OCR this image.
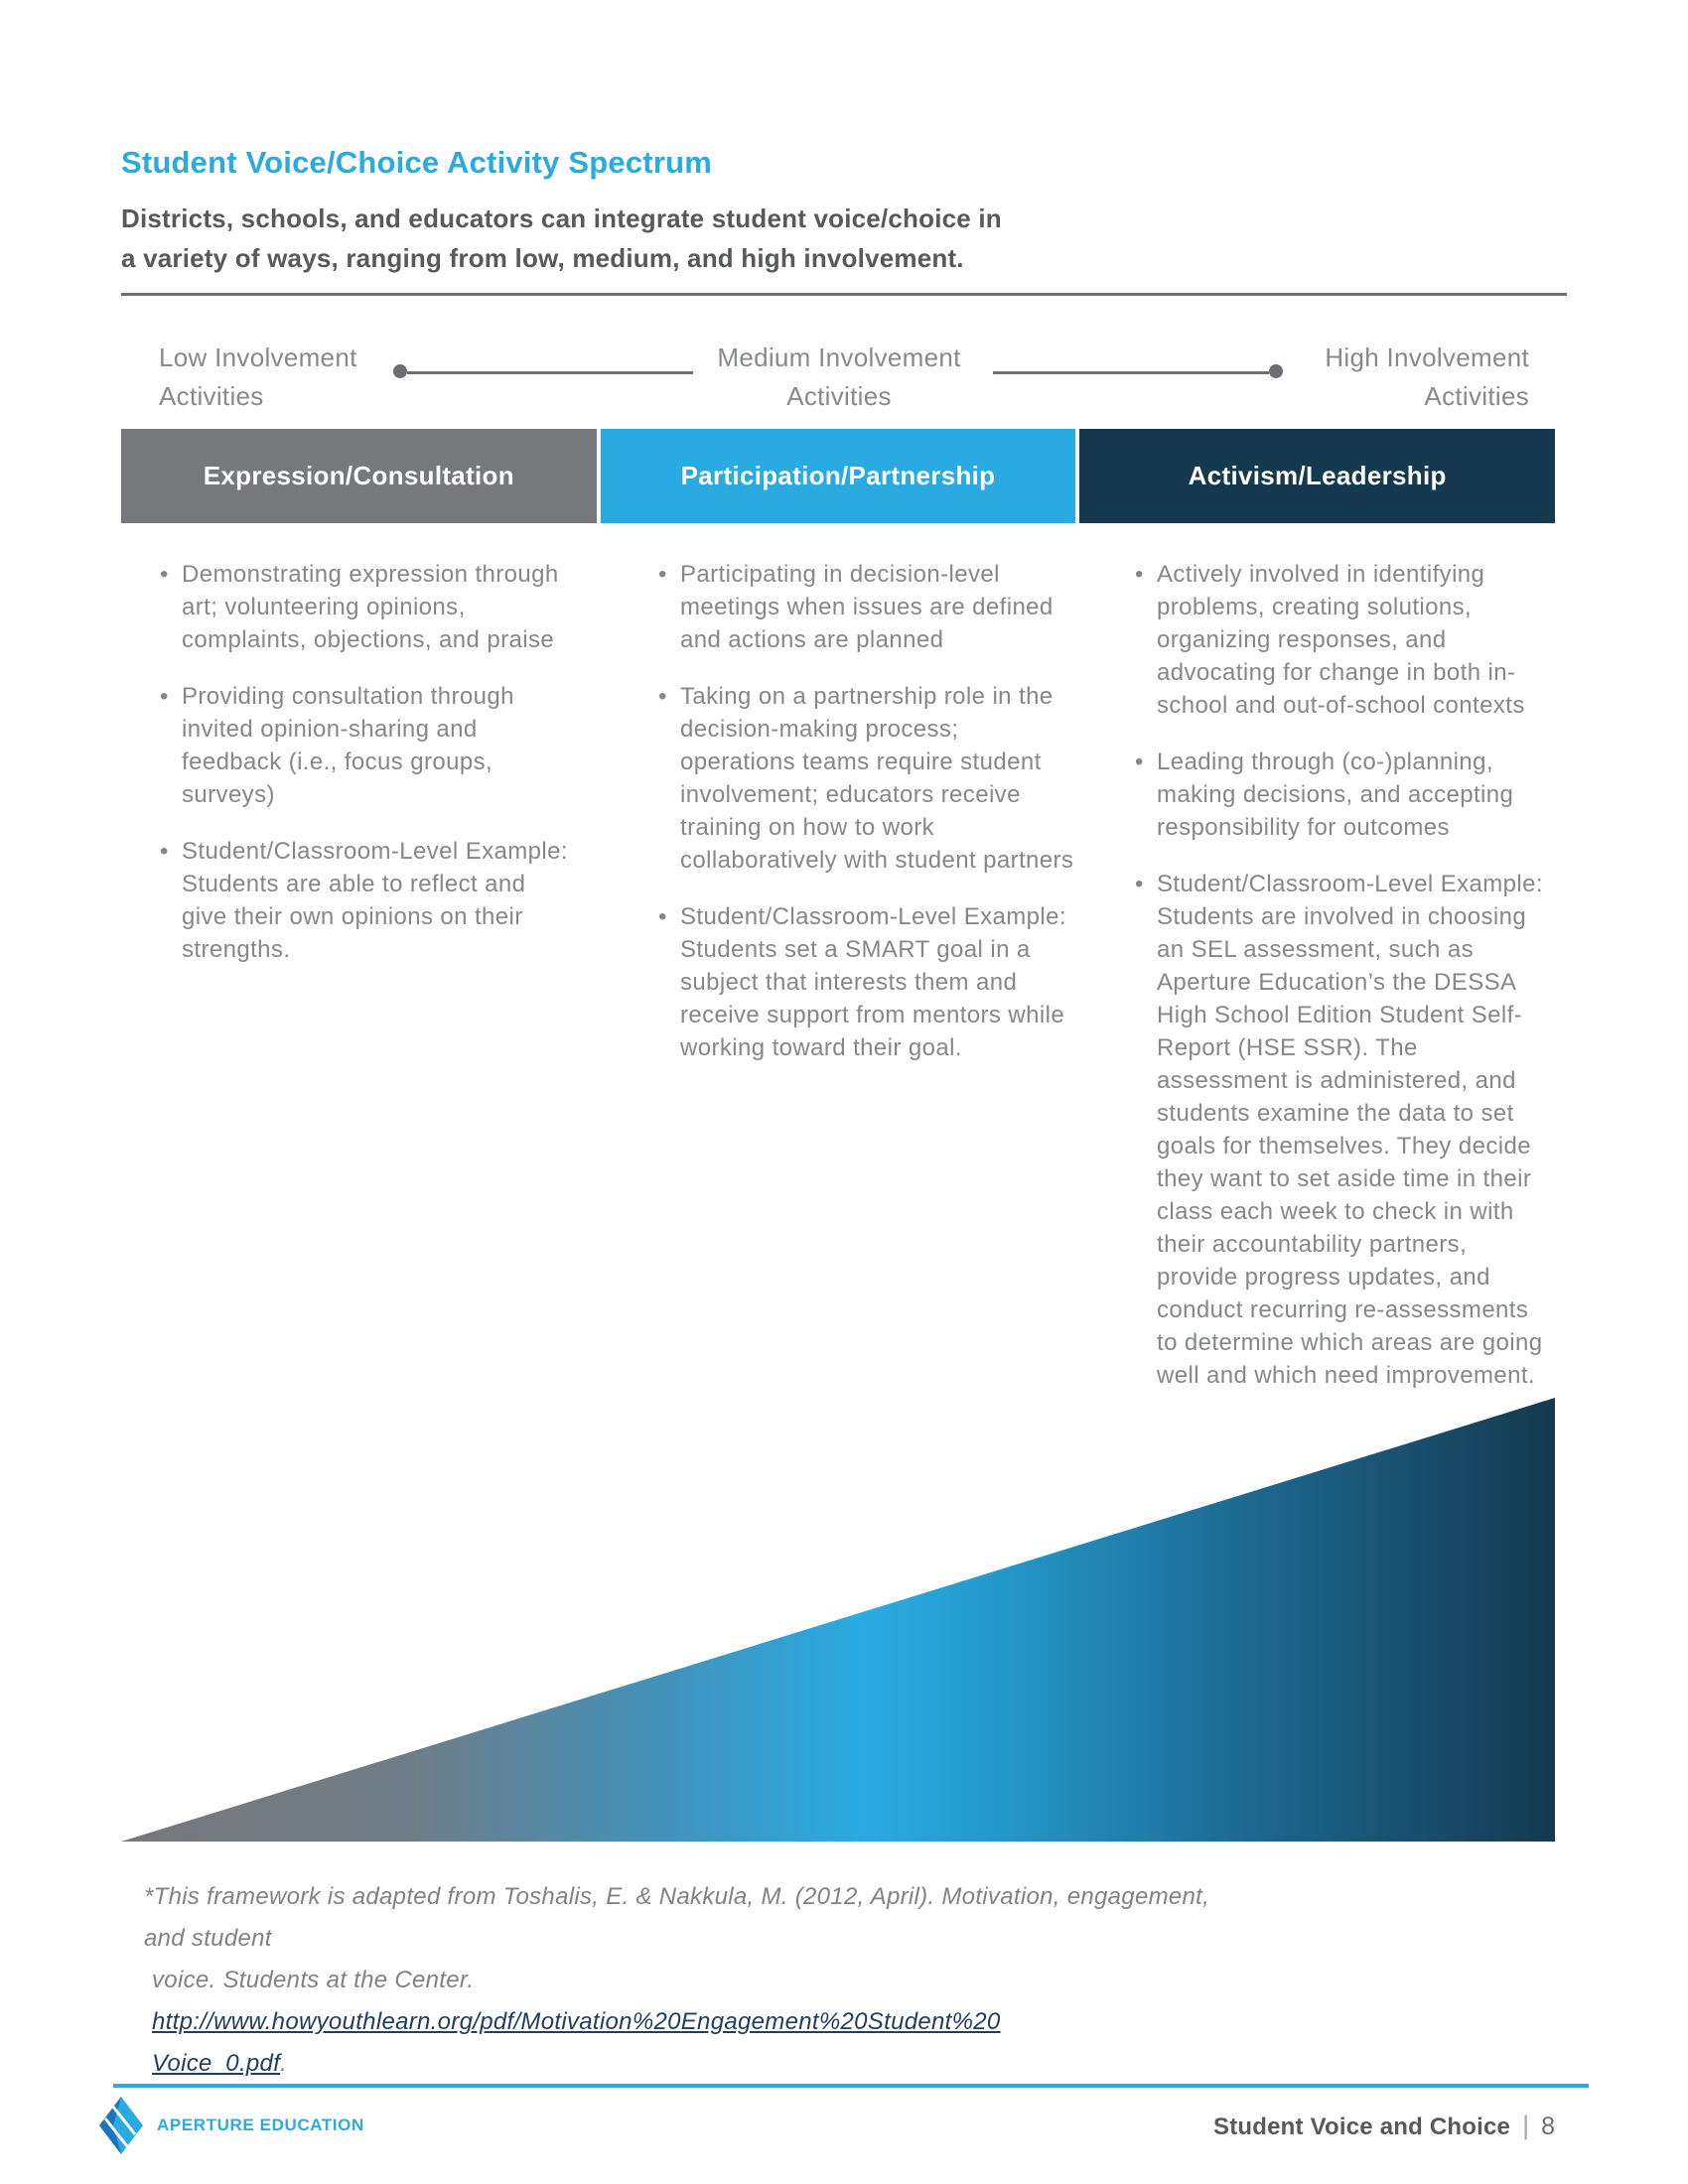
Student Voice/Choice Activity Spectrum
Districts, schools, and educators can integrate student voice/choice in
a variety of ways, ranging from low, medium, and high involvement.
Low Involvement
Activities
Medium Involvement
Activities
High Involvement
Activities
Expression/Consultation	Participation/Partnership	Activism/Leadership
• Demonstrating expression through art; volunteering opinions, complaints, objections, and praise
• Providing consultation through invited opinion-sharing and feedback (i.e., focus groups, surveys)
• Student/Classroom-Level Example: Students are able to reflect and give their own opinions on their strengths.
• Participating in decision-level meetings when issues are defined and actions are planned
• Taking on a partnership role in the decision-making process; operations teams require student involvement; educators receive training on how to work collaboratively with student partners
• Student/Classroom-Level Example: Students set a SMART goal in a subject that interests them and receive support from mentors while working toward their goal.
• Actively involved in identifying problems, creating solutions, organizing responses, and advocating for change in both in-school and out-of-school contexts
• Leading through (co-)planning, making decisions, and accepting responsibility for outcomes
• Student/Classroom-Level Example: Students are involved in choosing an SEL assessment, such as Aperture Education’s the DESSA High School Edition Student Self-Report (HSE SSR). The assessment is administered, and students examine the data to set goals for themselves. They decide they want to set aside time in their class each week to check in with their accountability partners, provide progress updates, and conduct recurring re-assessments to determine which areas are going well and which need improvement.
*This framework is adapted from Toshalis, E. & Nakkula, M. (2012, April). Motivation, engagement, and student
voice. Students at the Center. http://www.howyouthlearn.org/pdf/Motivation%20Engagement%20Student%20
Voice_0.pdf.
APERTURE EDUCATION	Student Voice and Choice | 8
